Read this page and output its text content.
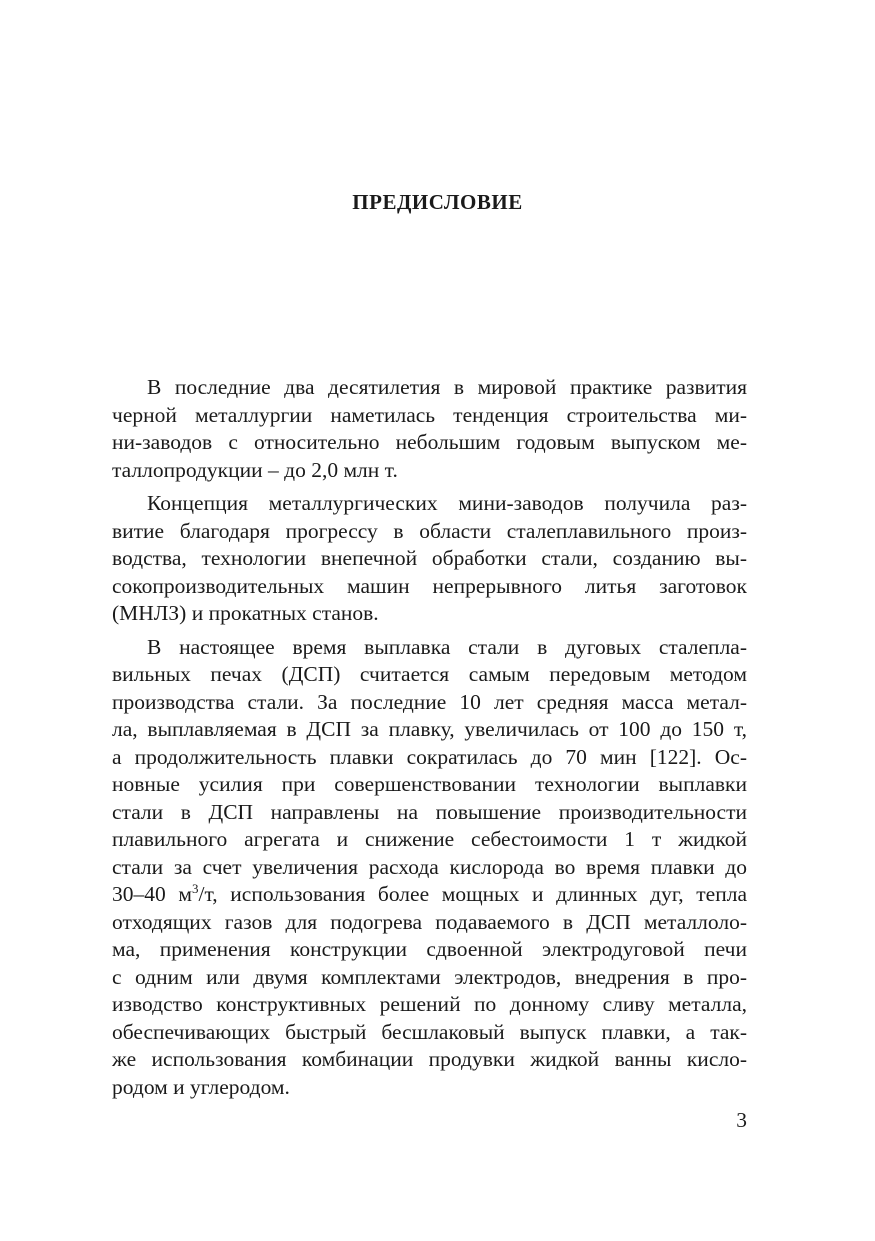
ПРЕДИСЛОВИЕ
В последние два десятилетия в мировой практике развития
черной металлургии наметилась тенденция строительства ми-
ни-заводов с относительно небольшим годовым выпуском ме-
таллопродукции – до 2,0 млн т.
Концепция металлургических мини-заводов получила раз-
витие благодаря прогрессу в области сталеплавильного произ-
водства, технологии внепечной обработки стали, созданию вы-
сокопроизводительных машин непрерывного литья заготовок
(МНЛЗ) и прокатных станов.
В настоящее время выплавка стали в дуговых сталепла-
вильных печах (ДСП) считается самым передовым методом
производства стали. За последние 10 лет средняя масса метал-
ла, выплавляемая в ДСП за плавку, увеличилась от 100 до 150 т,
а продолжительность плавки сократилась до 70 мин [122]. Ос-
новные усилия при совершенствовании технологии выплавки
стали в ДСП направлены на повышение производительности
плавильного агрегата и снижение себестоимости 1 т жидкой
стали за счет увеличения расхода кислорода во время плавки до
30–40 $м^3/т$, использования более мощных и длинных дуг, тепла
отходящих газов для подогрева подаваемого в ДСП металлоло-
ма, применения конструкции сдвоенной электродуговой печи
с одним или двумя комплектами электродов, внедрения в про-
изводство конструктивных решений по донному сливу металла,
обеспечивающих быстрый бесшлаковый выпуск плавки, а так-
же использования комбинации продувки жидкой ванны кисло-
родом и углеродом.
3
